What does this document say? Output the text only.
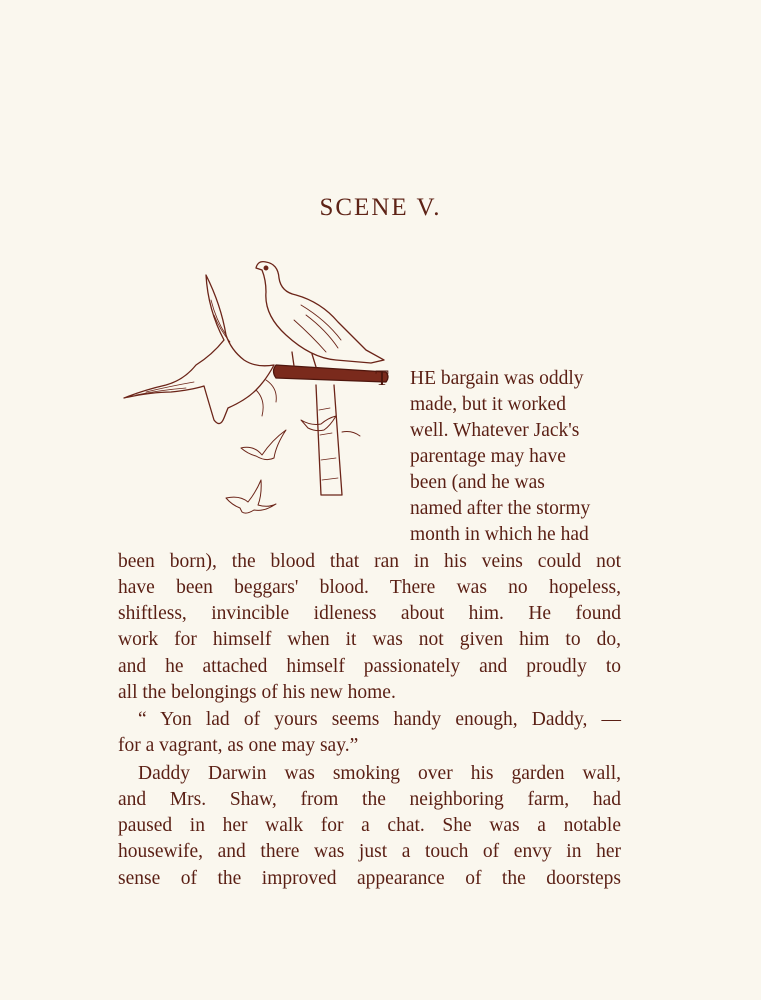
SCENE V.
T HE bargain was oddly
made, but it worked
well. Whatever Jack's
parentage may have
been (and he was
named after the stormy
month in which he had
been born), the blood that ran in his veins could not
have been beggars' blood. There was no hopeless,
shiftless, invincible idleness about him. He found
work for himself when it was not given him to do,
and he attached himself passionately and proudly to
all the belongings of his new home.
“ Yon lad of yours seems handy enough, Daddy, —
for a vagrant, as one may say.”
Daddy Darwin was smoking over his garden wall,
and Mrs. Shaw, from the neighboring farm, had
paused in her walk for a chat. She was a notable
housewife, and there was just a touch of envy in her
sense of the improved appearance of the doorsteps
